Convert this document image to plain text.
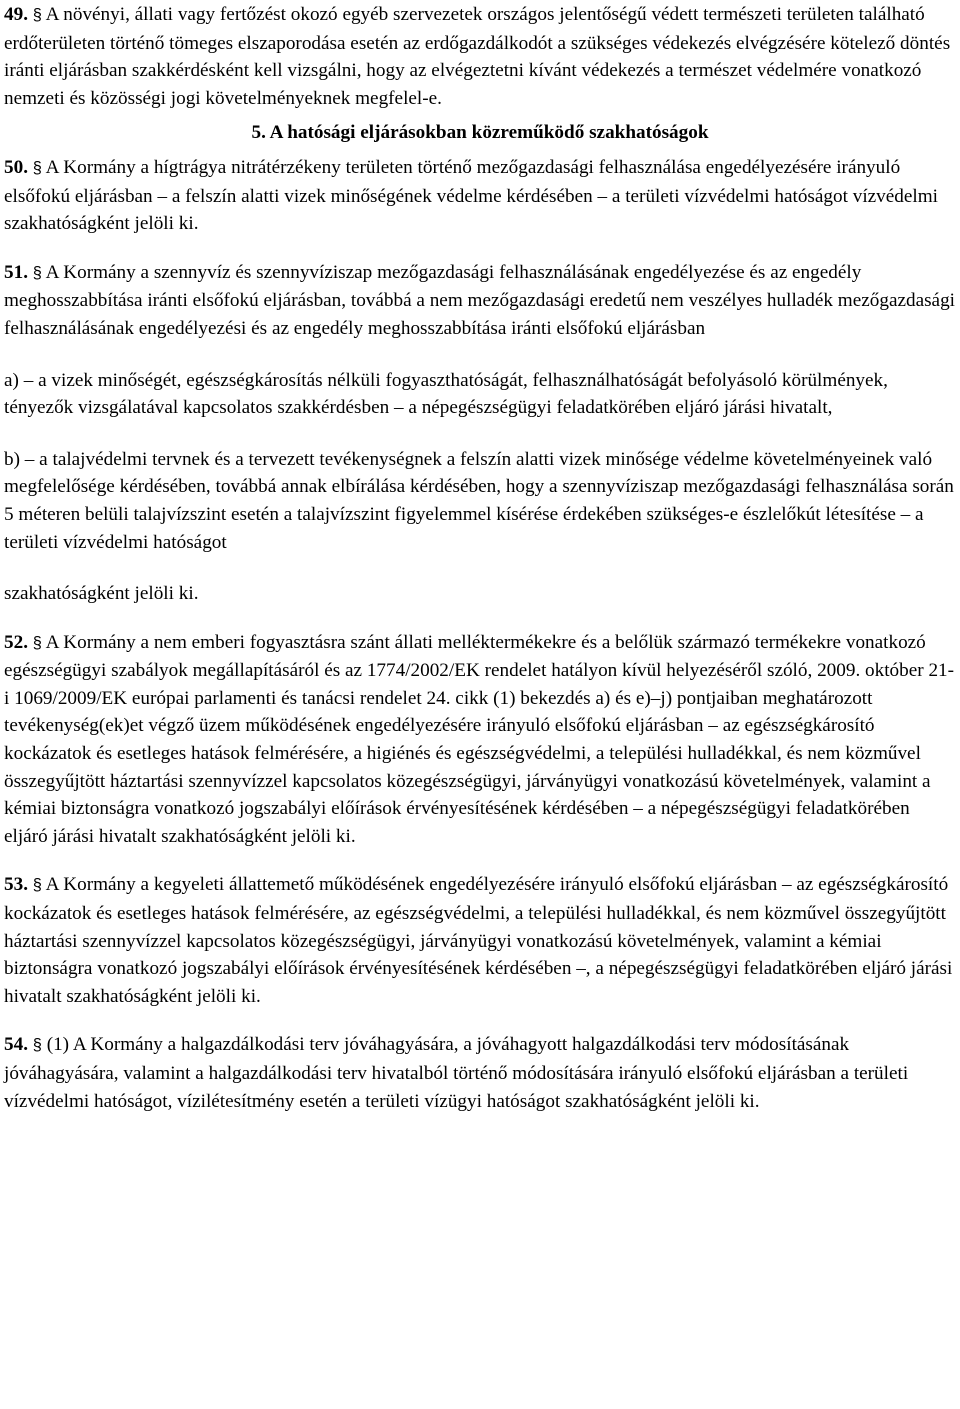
49. § A növényi, állati vagy fertőzést okozó egyéb szervezetek országos jelentőségű védett természeti területen található erdőterületen történő tömeges elszaporodása esetén az erdőgazdálkodót a szükséges védekezés elvégzésére kötelező döntés iránti eljárásban szakkérdésként kell vizsgálni, hogy az elvégeztetni kívánt védekezés a természet védelmére vonatkozó nemzeti és közösségi jogi követelményeknek megfelel-e.

5. A hatósági eljárásokban közreműködő szakhatóságok

50. § A Kormány a hígtrágya nitrátérzékeny területen történő mezőgazdasági felhasználása engedélyezésére irányuló elsőfokú eljárásban – a felszín alatti vizek minőségének védelme kérdésében – a területi vízvédelmi hatóságot vízvédelmi szakhatóságként jelöli ki.

51. § A Kormány a szennyvíz és szennyvíziszap mezőgazdasági felhasználásának engedélyezése és az engedély meghosszabbítása iránti elsőfokú eljárásban, továbbá a nem mezőgazdasági eredetű nem veszélyes hulladék mezőgazdasági felhasználásának engedélyezési és az engedély meghosszabbítása iránti elsőfokú eljárásban

a) – a vizek minőségét, egészségkárosítás nélküli fogyaszthatóságát, felhasználhatóságát befolyásoló körülmények, tényezők vizsgálatával kapcsolatos szakkérdésben – a népegészségügyi feladatkörében eljáró járási hivatalt,

b) – a talajvédelmi tervnek és a tervezett tevékenységnek a felszín alatti vizek minősége védelme követelményeinek való megfelelősége kérdésében, továbbá annak elbírálása kérdésében, hogy a szennyvíziszap mezőgazdasági felhasználása során 5 méteren belüli talajvízszint esetén a talajvízszint figyelemmel kísérése érdekében szükséges-e észlelőkút létesítése – a területi vízvédelmi hatóságot

szakhatóságként jelöli ki.

52. § A Kormány a nem emberi fogyasztásra szánt állati melléktermékekre és a belőlük származó termékekre vonatkozó egészségügyi szabályok megállapításáról és az 1774/2002/EK rendelet hatályon kívül helyezéséről szóló, 2009. október 21-i 1069/2009/EK európai parlamenti és tanácsi rendelet 24. cikk (1) bekezdés a) és e)–j) pontjaiban meghatározott tevékenység(ek)et végző üzem működésének engedélyezésére irányuló elsőfokú eljárásban – az egészségkárosító kockázatok és esetleges hatások felmérésére, a higiénés és egészségvédelmi, a települési hulladékkal, és nem közművel összegyűjtött háztartási szennyvízzel kapcsolatos közegészségügyi, járványügyi vonatkozású követelmények, valamint a kémiai biztonságra vonatkozó jogszabályi előírások érvényesítésének kérdésében – a népegészségügyi feladatkörében eljáró járási hivatalt szakhatóságként jelöli ki.

53. § A Kormány a kegyeleti állattemető működésének engedélyezésére irányuló elsőfokú eljárásban – az egészségkárosító kockázatok és esetleges hatások felmérésére, az egészségvédelmi, a települési hulladékkal, és nem közművel összegyűjtött háztartási szennyvízzel kapcsolatos közegészségügyi, járványügyi vonatkozású követelmények, valamint a kémiai biztonságra vonatkozó jogszabályi előírások érvényesítésének kérdésében –, a népegészségügyi feladatkörében eljáró járási hivatalt szakhatóságként jelöli ki.

54. § (1) A Kormány a halgazdálkodási terv jóváhagyására, a jóváhagyott halgazdálkodási terv módosításának jóváhagyására, valamint a halgazdálkodási terv hivatalból történő módosítására irányuló elsőfokú eljárásban a területi vízvédelmi hatóságot, vízilétesítmény esetén a területi vízügyi hatóságot szakhatóságként jelöli ki.
